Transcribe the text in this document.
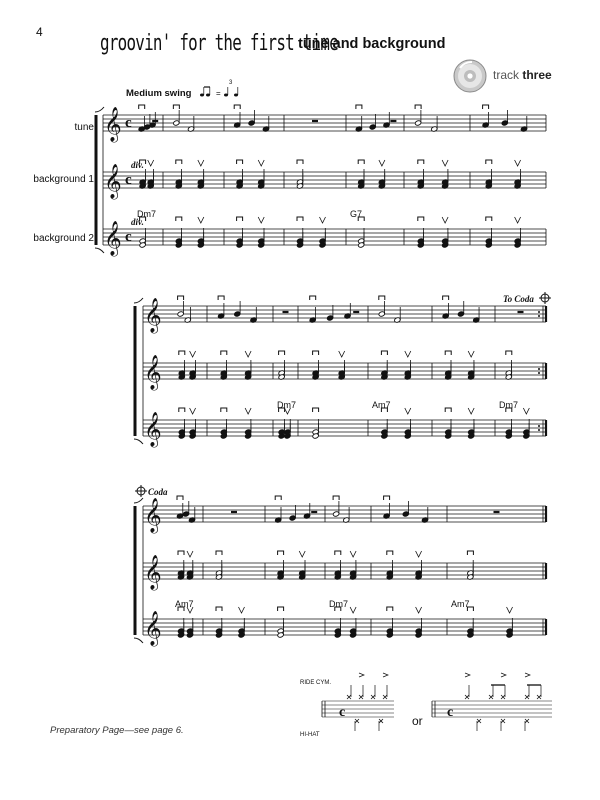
4	groovin' for the first time
tune and background
track three
Medium swing
tune
background 1
background 2
𝄞 c
𝄞 c
𝄞 c
Dm7	G7
𝄞
𝄞
𝄞
Dm7	Am7	Dm7
𝄞
𝄞
𝄞
Am7	Dm7	Am7
div.
div.
To Coda
Coda
=
3
c	c
RIDE CYM.
HI-HAT
or
Preparatory Page—see page 6.
